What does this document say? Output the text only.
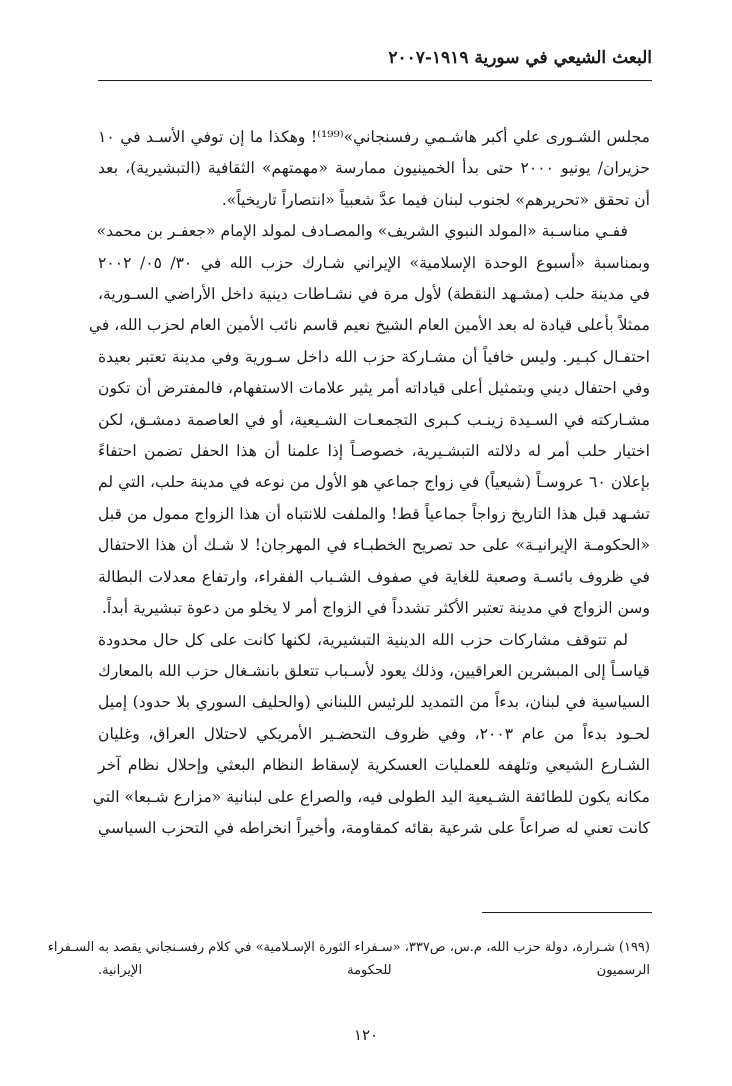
البعث الشيعي في سورية ١٩١٩-٢٠٠٧

مجلس الشـورى علي أكبر هاشـمي رفسنجاني»⁽¹⁹⁹⁾! وهكذا ما إن توفي الأسـد في ١٠
حزيران/ يونيو ٢٠٠٠ حتى بدأ الخمينيون ممارسة «مهمتهم» الثقافية (التبشيرية)، بعد
أن تحقق «تحريرهم» لجنوب لبنان فيما عدَّ شعبياً «انتصاراً تاريخياً».

ففـي مناسـبة «المولد النبوي الشريف» والمصـادف لمولد الإمام «جعفـر بن محمد»
وبمناسبة «أسبوع الوحدة الإسلامية» الإيراني شـارك حزب الله في ٣٠/ ٠٥/ ٢٠٠٢
في مدينة حلب (مشـهد النقطة) لأول مرة في نشـاطات دينية داخل الأراضي السـورية،
ممثلاً بأعلى قيادة له بعد الأمين العام الشيخ نعيم قاسم نائب الأمين العام لحزب الله، في
احتفـال كبـير. وليس خافياً أن مشـاركة حزب الله داخل سـورية وفي مدينة تعتبر بعيدة
وفي احتفال ديني وبتمثيل أعلى قياداته أمر يثير علامات الاستفهام، فالمفترض أن تكون
مشـاركته في السـيدة زينـب كـبرى التجمعـات الشـيعية، أو في العاصمة دمشـق، لكن
اختيار حلب أمر له دلالته التبشـيرية، خصوصـاً إذا علمنا أن هذا الحفل تضمن احتفاءً
بإعلان ٦٠ عروسـاً (شيعياً) في زواج جماعي هو الأول من نوعه في مدينة حلب، التي لم
تشـهد قبل هذا التاريخ زواجاً جماعياً قط! والملفت للانتباه أن هذا الزواج ممول من قبل
«الحكومـة الإيرانيـة» على حد تصريح الخطبـاء في المهرجان! لا شـك أن هذا الاحتفال
في ظروف بائسـة وصعبة للغاية في صفوف الشـباب الفقراء، وارتفاع معدلات البطالة
وسن الزواج في مدينة تعتبر الأكثر تشدداً في الزواج أمر لا يخلو من دعوة تبشيرية أبداً.

لم تتوقف مشاركات حزب الله الدينية التبشيرية، لكنها كانت على كل حال محدودة
قياسـاً إلى المبشرين العراقيين، وذلك يعود لأسـباب تتعلق بانشـغال حزب الله بالمعارك
السياسية في لبنان، بدءاً من التمديد للرئيس اللبناني (والحليف السوري بلا حدود) إميل
لحـود بدءاً من عام ٢٠٠٣، وفي ظروف التحضـير الأمريكي لاحتلال العراق، وغليان
الشـارع الشيعي وتلهفه للعمليات العسكرية لإسقاط النظام البعثي وإحلال نظام آخر
مكانه يكون للطائفة الشـيعية اليد الطولى فيه، والصراع على لبنانية «مزارع شـبعا» التي
كانت تعني له صراعاً على شرعية بقائه كمقاومة، وأخيراً انخراطه في التحزب السياسي

(١٩٩) شـرارة، دولة حزب الله، م.س، ص٣٣٧، «سـفراء الثورة الإسـلامية» في كلام رفسـنجاني يقصد به السـفراء
الرسميون للحكومة الإيرانية.
١٢٠
